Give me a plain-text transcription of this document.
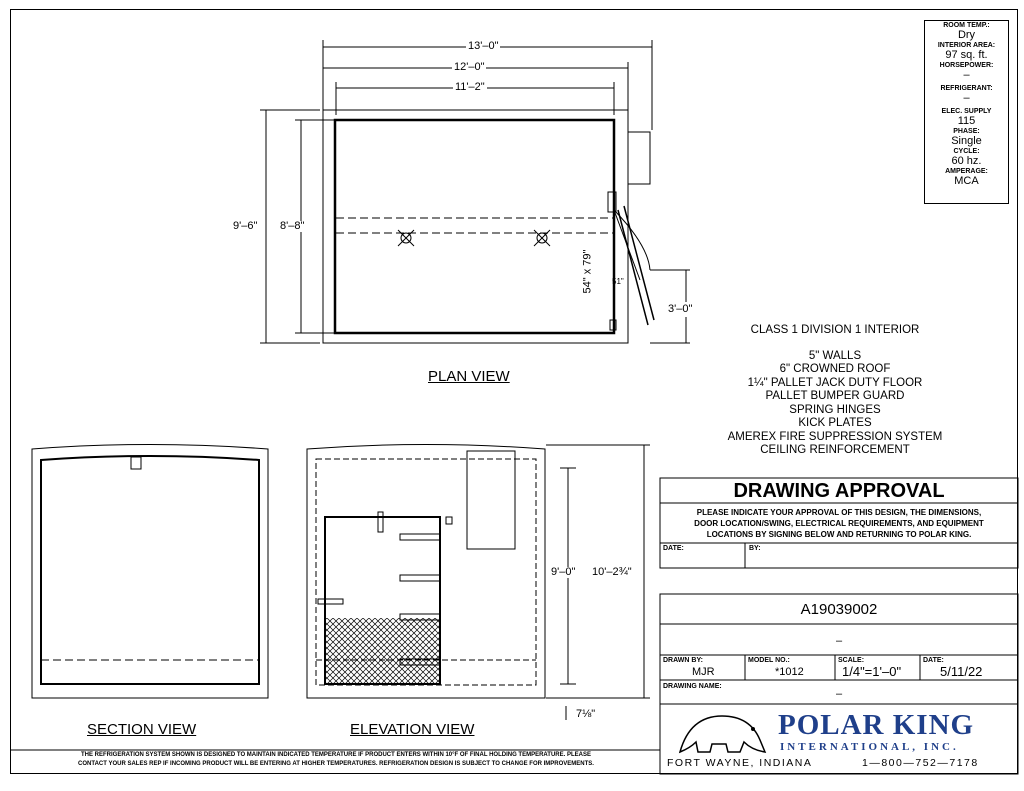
ROOM TEMP.:
Dry
INTERIOR AREA:
97 sq. ft.
HORSEPOWER:
–
REFRIGERANT:
–
ELEC. SUPPLY
115
PHASE:
Single
CYCLE:
60 hz.
AMPERAGE:
MCA
13'–0"
12'–0"
11'–2"
9'–6" 8'–8"
54" x 79" 51"
3'–0"
PLAN VIEW
CLASS 1 DIVISION 1 INTERIOR
5" WALLS
6" CROWNED ROOF
1¼" PALLET JACK DUTY FLOOR
PALLET BUMPER GUARD
SPRING HINGES
KICK PLATES
AMEREX FIRE SUPPRESSION SYSTEM
CEILING REINFORCEMENT
SECTION VIEW	ELEVATION VIEW
9'–0" 10'–2¾"
7⅛"
DRAWING APPROVAL
PLEASE INDICATE YOUR APPROVAL OF THIS DESIGN, THE DIMENSIONS,
DOOR LOCATION/SWING, ELECTRICAL REQUIREMENTS, AND EQUIPMENT
LOCATIONS BY SIGNING BELOW AND RETURNING TO POLAR KING.
DATE:	BY:
A19039002
–
DRAWN BY:
MJR
MODEL NO.:
*1012
SCALE:
1/4"=1'–0"
DATE:
5/11/22
DRAWING NAME:
–
POLAR KING
INTERNATIONAL, INC.
FORT WAYNE, INDIANA	1—800—752—7178
THE REFRIGERATION SYSTEM SHOWN IS DESIGNED TO MAINTAIN INDICATED TEMPERATURE IF PRODUCT ENTERS WITHIN 10°F OF FINAL HOLDING TEMPERATURE. PLEASE
CONTACT YOUR SALES REP IF INCOMING PRODUCT WILL BE ENTERING AT HIGHER TEMPERATURES. REFRIGERATION DESIGN IS SUBJECT TO CHANGE FOR IMPROVEMENTS.
